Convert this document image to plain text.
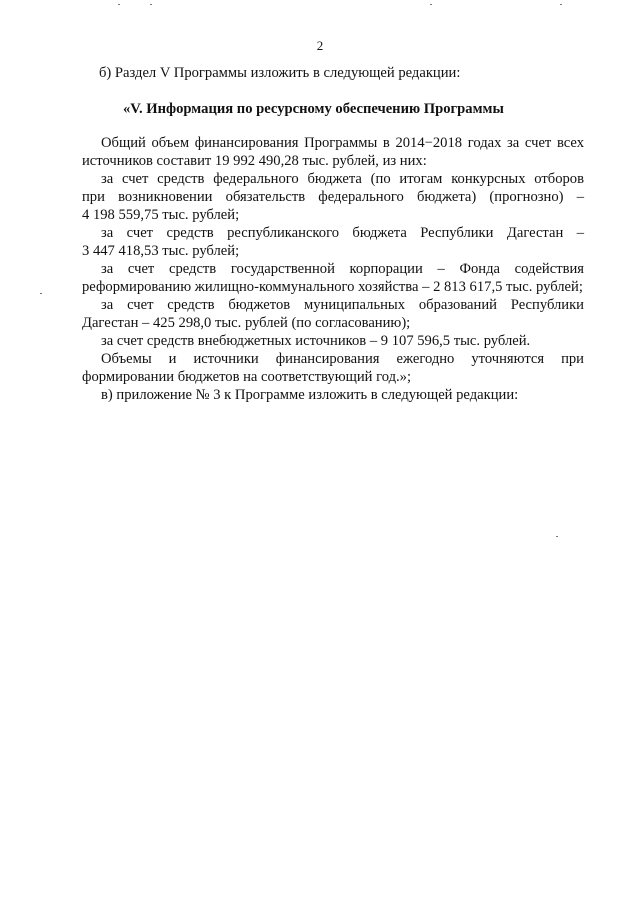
2
б) Раздел V Программы изложить в следующей редакции:
«V. Информация по ресурсному обеспечению Программы
Общий объем финансирования Программы в 2014−2018 годах за счет всех
источников составит 19 992 490,28 тыс. рублей, из них:
за счет средств федерального бюджета (по итогам конкурсных отборов
при возникновении обязательств федерального бюджета) (прогнозно) –
4 198 559,75 тыс. рублей;
за счет средств республиканского бюджета Республики Дагестан –
3 447 418,53 тыс. рублей;
за счет средств государственной корпорации – Фонда содействия
реформированию жилищно-коммунального хозяйства – 2 813 617,5 тыс. рублей;
за счет средств бюджетов муниципальных образований Республики
Дагестан – 425 298,0 тыс. рублей (по согласованию);
за счет средств внебюджетных источников – 9 107 596,5 тыс. рублей.
Объемы и источники финансирования ежегодно уточняются при
формировании бюджетов на соответствующий год.»;
в) приложение № 3 к Программе изложить в следующей редакции:
